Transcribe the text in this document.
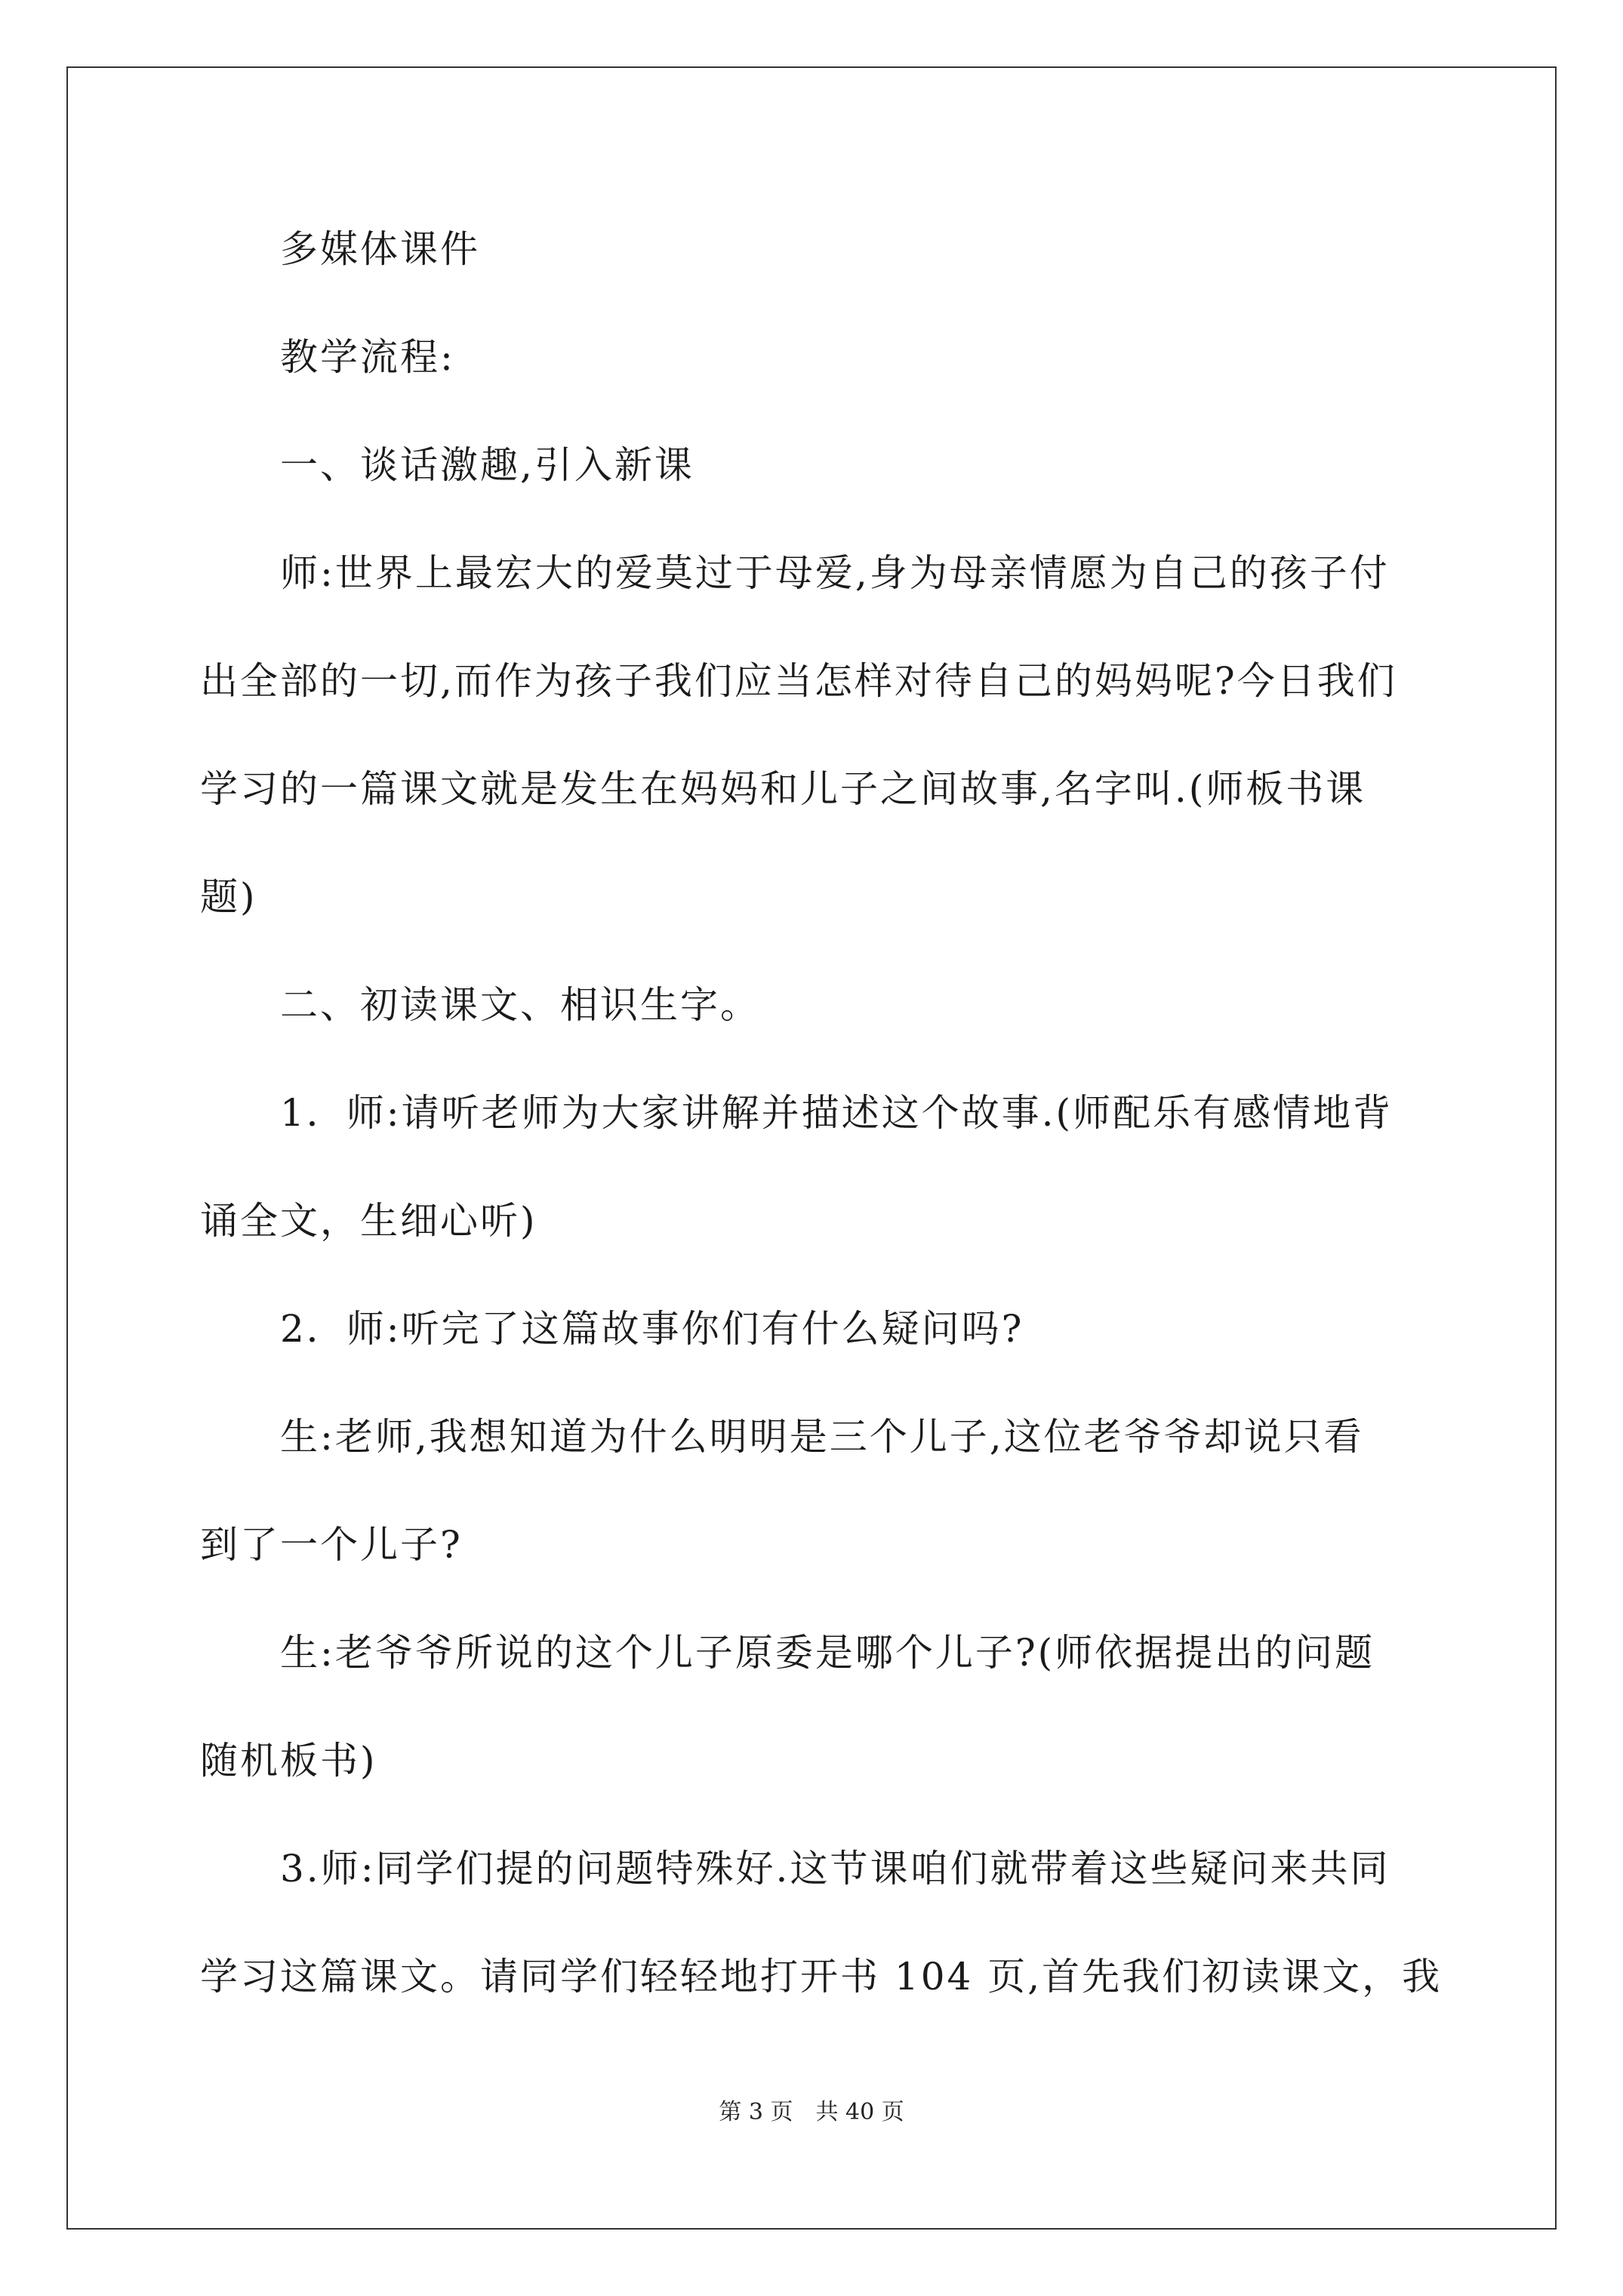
　　多媒体课件
　　教学流程:
　　一、谈话激趣,引入新课
　　师:世界上最宏大的爱莫过于母爱,身为母亲情愿为自己的孩子付
出全部的一切,而作为孩子我们应当怎样对待自己的妈妈呢?今日我们
学习的一篇课文就是发生在妈妈和儿子之间故事,名字叫.(师板书课
题)
　　二、初读课文、相识生字。
　　1．师:请听老师为大家讲解并描述这个故事.(师配乐有感情地背
诵全文，生细心听)
　　2．师:听完了这篇故事你们有什么疑问吗?
　　生:老师,我想知道为什么明明是三个儿子,这位老爷爷却说只看
到了一个儿子?
　　生:老爷爷所说的这个儿子原委是哪个儿子?(师依据提出的问题
随机板书)
　　3.师:同学们提的问题特殊好.这节课咱们就带着这些疑问来共同
学习这篇课文。请同学们轻轻地打开书 104 页,首先我们初读课文，我
第 3 页　共 40 页
